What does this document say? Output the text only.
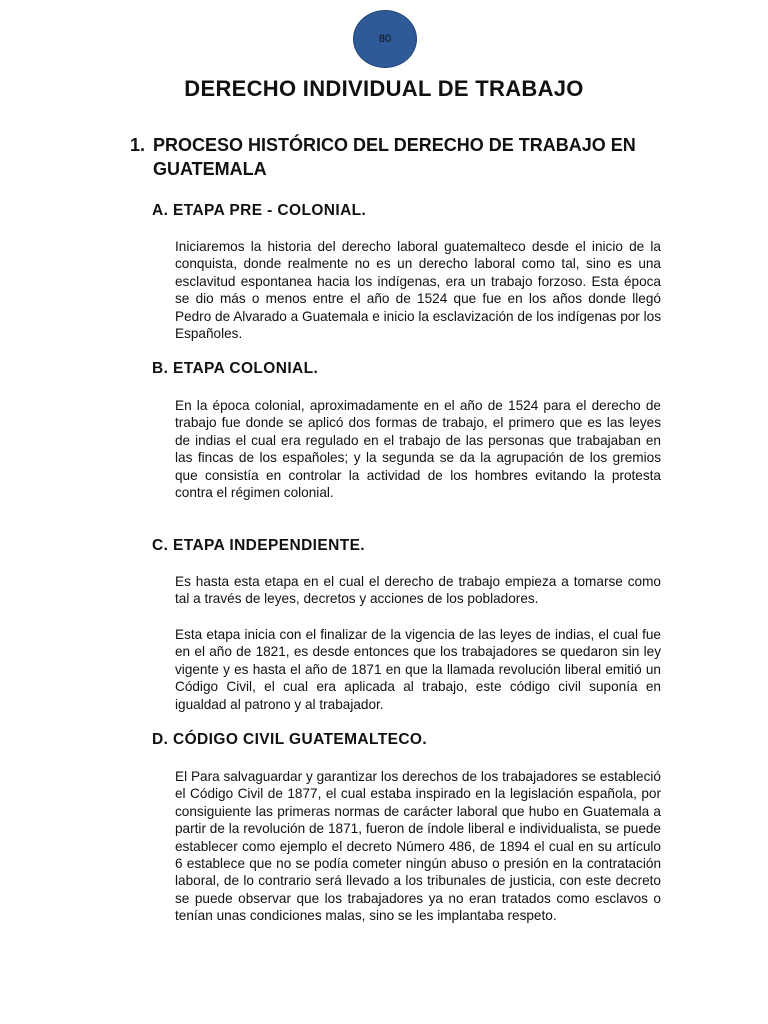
80
DERECHO INDIVIDUAL DE TRABAJO
1. PROCESO HISTÓRICO DEL DERECHO DE TRABAJO EN GUATEMALA
A. ETAPA PRE - COLONIAL.
Iniciaremos la historia del derecho laboral guatemalteco desde el inicio de la conquista, donde realmente no es un derecho laboral como tal, sino es una esclavitud espontanea hacia los indígenas, era un trabajo forzoso. Esta época se dio más o menos entre el año de 1524 que fue en los años donde llegó Pedro de Alvarado a Guatemala e inicio la esclavización de los indígenas por los Españoles.
B. ETAPA COLONIAL.
En la época colonial, aproximadamente en el año de 1524 para el derecho de trabajo fue donde se aplicó dos formas de trabajo, el primero que es las leyes de indias el cual era regulado en el trabajo de las personas que trabajaban en las fincas de los españoles; y la segunda se da la agrupación de los gremios que consistía en controlar la actividad de los hombres evitando la protesta contra el régimen colonial.
C. ETAPA INDEPENDIENTE.
Es hasta esta etapa en el cual el derecho de trabajo empieza a tomarse como tal a través de leyes, decretos y acciones de los pobladores.
Esta etapa inicia con el finalizar de la vigencia de las leyes de indias, el cual fue en el año de 1821, es desde entonces que los trabajadores se quedaron sin ley vigente y es hasta el año de 1871 en que la llamada revolución liberal emitió un Código Civil, el cual era aplicada al trabajo, este código civil suponía en igualdad al patrono y al trabajador.
D. CÓDIGO CIVIL GUATEMALTECO.
El Para salvaguardar y garantizar los derechos de los trabajadores se estableció el Código Civil de 1877, el cual estaba inspirado en la legislación española, por consiguiente las primeras normas de carácter laboral que hubo en Guatemala a partir de la revolución de 1871, fueron de índole liberal e individualista, se puede establecer como ejemplo el decreto Número 486, de 1894 el cual en su artículo 6 establece que no se podía cometer ningún abuso o presión en la contratación laboral, de lo contrario será llevado a los tribunales de justicia, con este decreto se puede observar que los trabajadores ya no eran tratados como esclavos o tenían unas condiciones malas, sino se les implantaba respeto.
